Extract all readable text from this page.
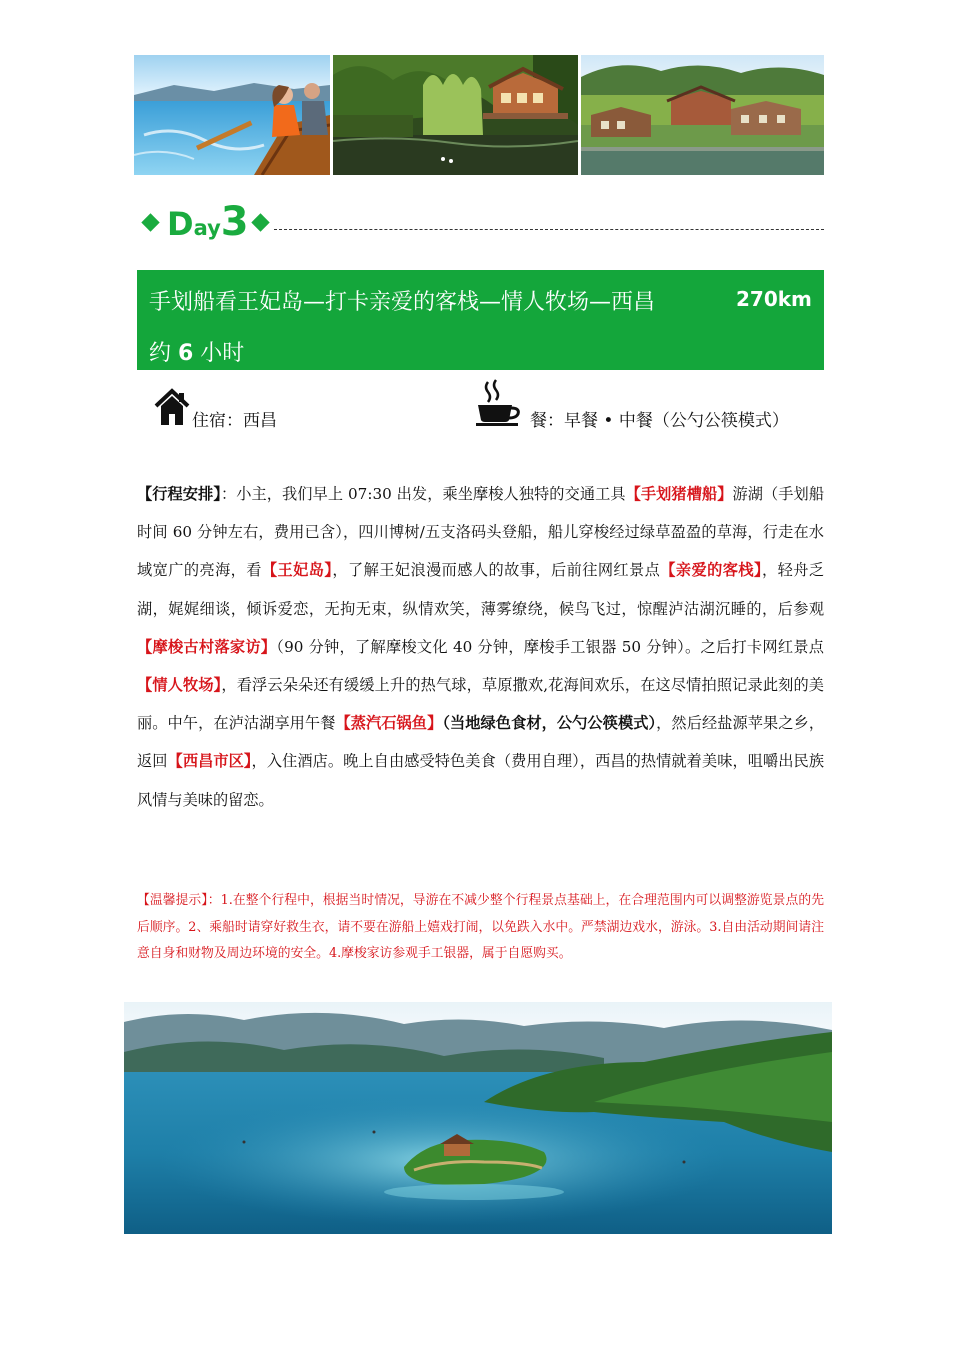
Day3
手划船看王妃岛—打卡亲爱的客栈—情人牧场—西昌	270km
约 6 小时
住宿：西昌	餐：早餐 • 中餐（公勺公筷模式）
【行程安排】：小主，我们早上 07:30 出发，乘坐摩梭人独特的交通工具【手划猪槽船】游湖（手划船时间 60 分钟左右，费用已含），四川博树/五支洛码头登船，船儿穿梭经过绿草盈盈的草海，行走在水域宽广的亮海，看【王妃岛】，了解王妃浪漫而感人的故事，后前往网红景点【亲爱的客栈】，轻舟乏湖，娓娓细谈，倾诉爱恋，无拘无束，纵情欢笑，薄雾缭绕，候鸟飞过，惊醒泸沽湖沉睡的，后参观【摩梭古村落家访】（90 分钟，了解摩梭文化 40 分钟，摩梭手工银器 50 分钟）。之后打卡网红景点【情人牧场】，看浮云朵朵还有缓缓上升的热气球，草原撒欢,花海间欢乐，在这尽情拍照记录此刻的美丽。中午，在泸沽湖享用午餐【蒸汽石锅鱼】（当地绿色食材，公勺公筷模式），然后经盐源苹果之乡，返回【西昌市区】，入住酒店。晚上自由感受特色美食（费用自理），西昌的热情就着美味，咀嚼出民族风情与美味的留恋。
【温馨提示】：1.在整个行程中，根据当时情况，导游在不减少整个行程景点基础上，在合理范围内可以调整游览景点的先后顺序。2、乘船时请穿好救生衣，请不要在游船上嬉戏打闹，以免跌入水中。严禁湖边戏水，游泳。3.自由活动期间请注意自身和财物及周边环境的安全。4.摩梭家访参观手工银器，属于自愿购买。
